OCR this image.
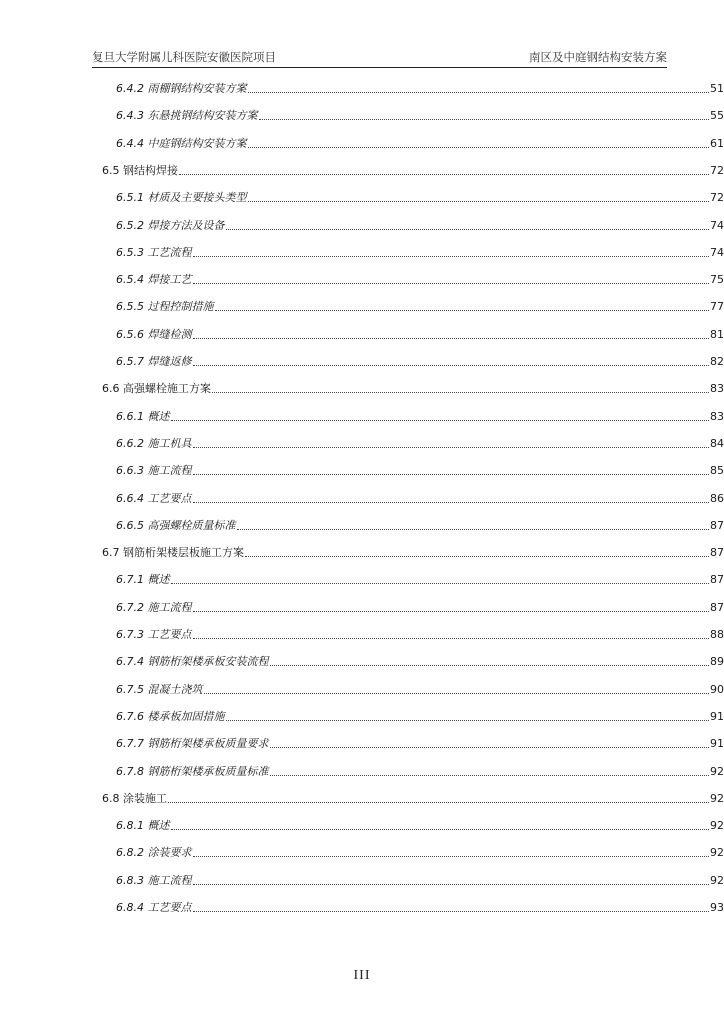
复旦大学附属儿科医院安徽医院项目	南区及中庭钢结构安装方案
6.4.2 雨棚钢结构安装方案	51
6.4.3 东悬挑钢结构安装方案	55
6.4.4 中庭钢结构安装方案	61
6.5 钢结构焊接	72
6.5.1 材质及主要接头类型	72
6.5.2 焊接方法及设备	74
6.5.3 工艺流程	74
6.5.4 焊接工艺	75
6.5.5 过程控制措施	77
6.5.6 焊缝检测	81
6.5.7 焊缝返修	82
6.6 高强螺栓施工方案	83
6.6.1 概述	83
6.6.2 施工机具	84
6.6.3 施工流程	85
6.6.4 工艺要点	86
6.6.5 高强螺栓质量标准	87
6.7 钢筋桁架楼层板施工方案	87
6.7.1 概述	87
6.7.2 施工流程	87
6.7.3 工艺要点	88
6.7.4 钢筋桁架楼承板安装流程	89
6.7.5 混凝土浇筑	90
6.7.6 楼承板加固措施	91
6.7.7 钢筋桁架楼承板质量要求	91
6.7.8 钢筋桁架楼承板质量标准	92
6.8 涂装施工	92
6.8.1 概述	92
6.8.2 涂装要求	92
6.8.3 施工流程	92
6.8.4 工艺要点	93
III
